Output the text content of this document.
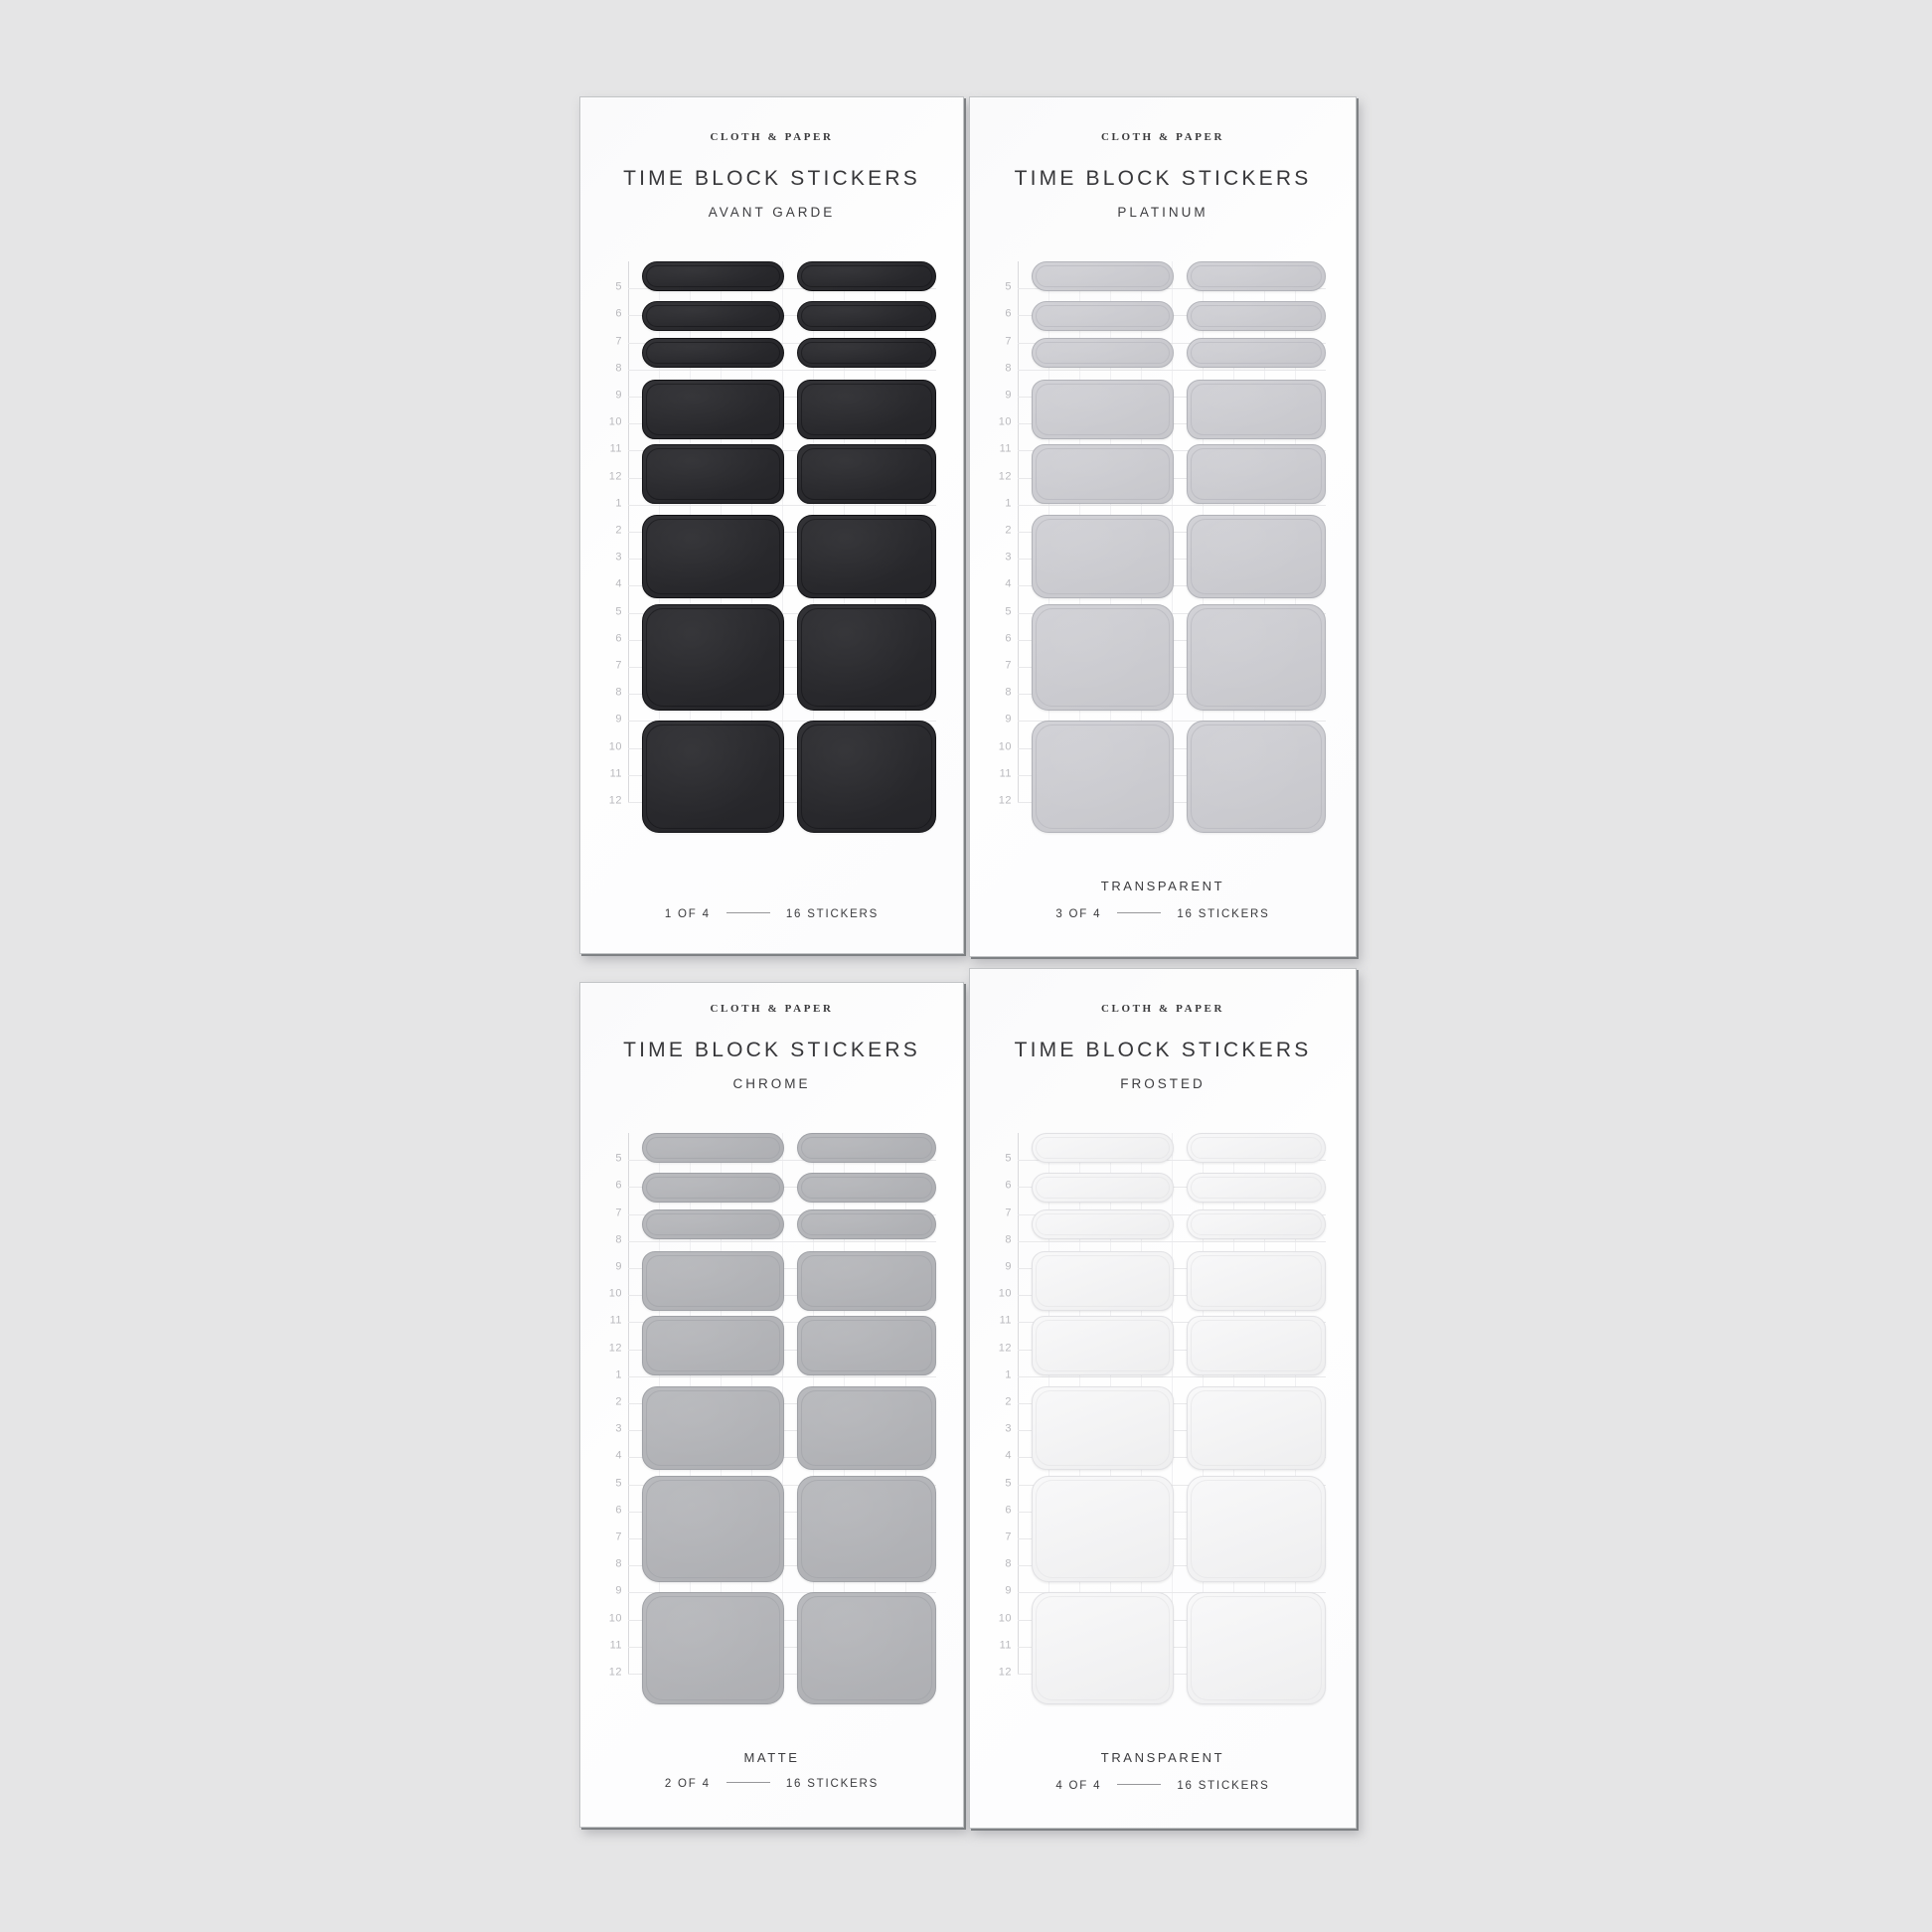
CLOTH & PAPER
TIME BLOCK STICKERS
AVANT GARDE
5
6
7
8
9
10
11
12
1
2
3
4
5
6
7
8
9
10
11
12
1 OF 4	16 STICKERS
CLOTH & PAPER
TIME BLOCK STICKERS
PLATINUM
5
6
7
8
9
10
11
12
1
2
3
4
5
6
7
8
9
10
11
12
TRANSPARENT
3 OF 4	16 STICKERS
CLOTH & PAPER
TIME BLOCK STICKERS
CHROME
5
6
7
8
9
10
11
12
1
2
3
4
5
6
7
8
9
10
11
12
MATTE
2 OF 4	16 STICKERS
CLOTH & PAPER
TIME BLOCK STICKERS
FROSTED
5
6
7
8
9
10
11
12
1
2
3
4
5
6
7
8
9
10
11
12
TRANSPARENT
4 OF 4	16 STICKERS
